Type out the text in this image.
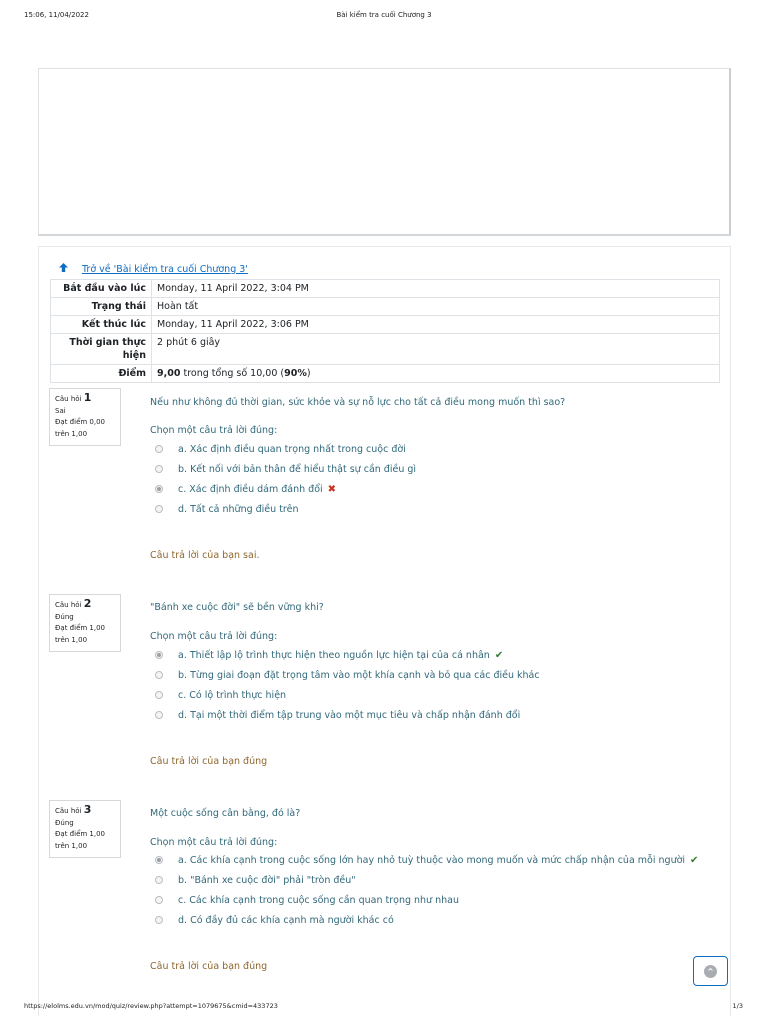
15:06, 11/04/2022	Bài kiểm tra cuối Chương 3
Trở về 'Bài kiểm tra cuối Chương 3'
Bắt đầu vào lúc	Monday, 11 April 2022, 3:04 PM
Trạng thái	Hoàn tất
Kết thúc lúc	Monday, 11 April 2022, 3:06 PM
Thời gian thực hiện	2 phút 6 giây
Điểm	9,00 trong tổng số 10,00 (90%)
Câu hỏi 1
Sai
Đạt điểm 0,00
trên 1,00
Nếu như không đủ thời gian, sức khỏe và sự nỗ lực cho tất cả điều mong muốn thì sao?
Chọn một câu trả lời đúng:
a. Xác định điều quan trọng nhất trong cuộc đời
b. Kết nối với bản thân để hiểu thật sự cần điều gì
c. Xác định điều dám đánh đổi ✖
d. Tất cả những điều trên
Câu trả lời của bạn sai.
Câu hỏi 2
Đúng
Đạt điểm 1,00
trên 1,00
"Bánh xe cuộc đời" sẽ bền vững khi?
Chọn một câu trả lời đúng:
a. Thiết lập lộ trình thực hiện theo nguồn lực hiện tại của cá nhân ✔
b. Từng giai đoạn đặt trọng tâm vào một khía cạnh và bỏ qua các điều khác
c. Có lộ trình thực hiện
d. Tại một thời điểm tập trung vào một mục tiêu và chấp nhận đánh đổi
Câu trả lời của bạn đúng
Câu hỏi 3
Đúng
Đạt điểm 1,00
trên 1,00
Một cuộc sống cân bằng, đó là?
Chọn một câu trả lời đúng:
a. Các khía cạnh trong cuộc sống lớn hay nhỏ tuỳ thuộc vào mong muốn và mức chấp nhận của mỗi người ✔
b. "Bánh xe cuộc đời" phải "tròn đều"
c. Các khía cạnh trong cuộc sống cần quan trọng như nhau
d. Có đầy đủ các khía cạnh mà người khác có
Câu trả lời của bạn đúng	^
https://elolms.edu.vn/mod/quiz/review.php?attempt=1079675&cmid=433723	1/3
